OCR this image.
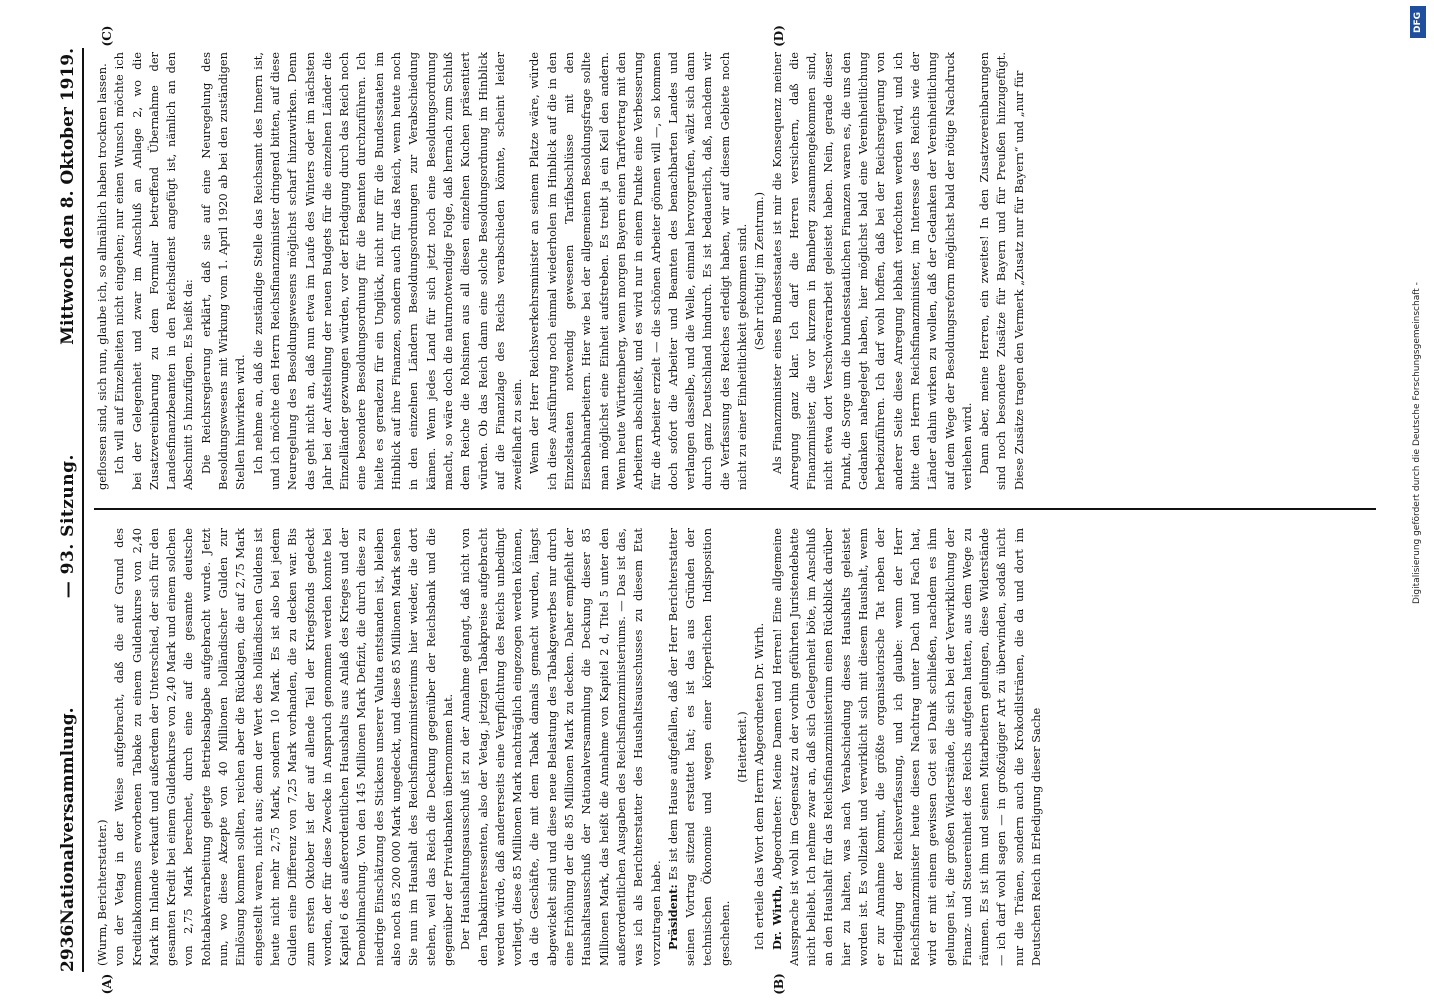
2936
Nationalversammlung.
— 93. Sitzung.
Mittwoch den 8. Oktober 1919.
(A)	(B)
(C)	(D)

(Wurm, Berichterstatter.) von der Vetag in der Weise aufgebracht, daß die auf Grund des Kreditabkommens erworbenen Tabake zu einem Guldenkurse von 2,40 Mark im Inlande verkauft und außerdem der Unterschied, der sich für den gesamten Kredit bei einem Guldenkurse von 2,40 Mark und einem solchen von 2,75 Mark berechnet, durch eine auf die gesamte deutsche Rohtabakverarbeitung gelegte Betriebsabgabe aufgebracht wurde. Jetzt nun, wo diese Akzepte von 40 Millionen holländischer Gulden zur Einlösung kommen sollten, reichen aber die Rücklagen, die auf 2,75 Mark eingestellt waren, nicht aus; denn der Wert des holländischen Guldens ist heute nicht mehr 2,75 Mark, sondern 10 Mark. Es ist also bei jedem Gulden eine Differenz von 7,25 Mark vorhanden, die zu decken war. Bis zum ersten Oktober ist der auf allende Teil der Kriegsfonds gedeckt worden, der für diese Zwecke in Anspruch genommen werden konnte bei Kapitel 6 des außerordentlichen Haushalts aus Anlaß des Krieges und der Demobilmachung. Von den 145 Millionen Mark Defizit, die durch diese zu niedrige Einschätzung des Stickens unserer Valuta entstanden ist, bleiben also noch 85 200 000 Mark ungedeckt, und diese 85 Millionen Mark sehen Sie nun im Haushalt des Reichsfinanzministeriums hier wieder, die dort stehen, weil das Reich die Deckung gegenüber der Reichsbank und die gegenüber der Privatbanken übernommen hat. Der Haushaltungsausschuß ist zu der Annahme gelangt, daß nicht von den Tabakinteressenten, also der Vetag, jetzigen Tabakpreise aufgebracht werden würde, daß andererseits eine Verpflichtung des Reichs unbedingt vorliegt, diese 85 Millionen Mark nachträglich eingezogen werden können, da die Geschäfte, die mit dem Tabak damals gemacht wurden, längst abgewickelt sind und diese neue Belastung des Tabakgewerbes nur durch eine Erhöhung der die 85 Millionen Mark zu decken. Daher empfiehlt der Haushaltsausschuß der Nationalversammlung die Deckung dieser 85 Millionen Mark, das heißt die Annahme von Kapitel 2 d, Titel 5 unter den außerordentlichen Ausgaben des Reichsfinanzministeriums. — Das ist das, was ich als Berichterstatter des Haushaltsausschusses zu diesem Etat vorzutragen habe. Präsident: Es ist dem Hause aufgefallen, daß der Herr Berichterstatter seinen Vortrag sitzend erstattet hat; es ist das aus Gründen der technischen Ökonomie und wegen einer körperlichen Indisposition geschehen.

(Heiterkeit.) Ich erteile das Wort dem Herrn Abgeordneten Dr. Wirth. Dr. Wirth, Abgeordneter: Meine Damen und Herren! Eine allgemeine Aussprache ist wohl im Gegensatz zu der vorhin geführten Juristendebatte nicht beliebt. Ich nehme zwar an, daß sich Gelegenheit böte, im Anschluß an den Haushalt für das Reichsfinanzministerium einen Rückblick darüber hier zu halten, was nach Verabschiedung dieses Haushalts geleistet worden ist. Es vollzieht und verwirklicht sich mit diesem Haushalt, wenn er zur Annahme kommt, die größte organisatorische Tat neben der Erledigung der Reichsverfassung, und ich glaube: wenn der Herr Reichsfinanzminister heute diesen Nachtrag unter Dach und Fach hat, wird er mit einem gewissen Gott sei Dank schließen, nachdem es ihm gelungen ist, die großen Widerstände, die sich bei der Verwirklichung der Finanz- und Steuereinheit des Reichs aufgetan hatten, aus dem Wege zu räumen. Es ist ihm und seinen Mitarbeitern gelungen, diese Widerstände — ich darf wohl sagen — in großzügiger Art zu überwinden, sodaß nicht nur die Tränen, sondern auch die Krokodilstränen, die da und dort im Deutschen Reich in Erledigung dieser Sache

geflossen sind, sich nun, glaube ich, so allmählich haben trocknen lassen. Ich will auf Einzelheiten nicht eingehen; nur einen Wunsch möchte ich bei der Gelegenheit und zwar im Anschluß an Anlage 2, wo die Zusatzvereinbarung zu dem Formular betreffend Übernahme der Landesfinanzbeamten in den Reichsdienst angefügt ist, nämlich an den Abschnitt 5 hinzufügen. Es heißt da: Die Reichsregierung erklärt, daß sie auf eine Neuregelung des Besoldungswesens mit Wirkung vom 1. April 1920 ab bei den zuständigen Stellen hinwirken wird. Ich nehme an, daß die zuständige Stelle das Reichsamt des Innern ist, und ich möchte den Herrn Reichsfinanzminister dringend bitten, auf diese Neuregelung des Besoldungswesens möglichst scharf hinzuwirken. Denn das geht nicht an, daß nun etwa im Laufe des Winters oder im nächsten Jahr bei der Aufstellung der neuen Budgets für die einzelnen Länder die Einzelländer gezwungen würden, vor der Erledigung durch das Reich noch eine besondere Besoldungsordnung für die Beamten durchzuführen. Ich hielte es geradezu für ein Unglück, nicht nur für die Bundesstaaten im Hinblick auf ihre Finanzen, sondern auch für das Reich, wenn heute noch in den einzelnen Ländern Besoldungsordnungen zur Verabschiedung kämen. Wenn jedes Land für sich jetzt noch eine Besoldungsordnung macht, so wäre doch die naturnotwendige Folge, daß hernach zum Schluß dem Reiche die Rohsinen aus all diesen einzelnen Kuchen präsentiert würden. Ob das Reich dann eine solche Besoldungsordnung im Hinblick auf die Finanzlage des Reichs verabschieden könnte, scheint leider zweifelhaft zu sein. Wenn der Herr Reichsverkehrsminister an seinem Platze wäre, würde ich diese Ausführung noch einmal wiederholen im Hinblick auf die in den Einzelstaaten notwendig gewesenen Tarifabschlüsse mit den Eisenbahnarbeitern. Hier wie bei der allgemeinen Besoldungsfrage sollte man möglichst eine Einheit aufstreben. Es treibt ja ein Keil den andern. Wenn heute Württemberg, wenn morgen Bayern einen Tarifvertrag mit den Arbeitern abschließt, und es wird nur in einem Punkte eine Verbesserung für die Arbeiter erzielt — die schönen Arbeiter gönnen will —, so kommen doch sofort die Arbeiter und Beamten des benachbarten Landes und verlangen dasselbe, und die Welle, einmal hervorgerufen, wälzt sich dann durch ganz Deutschland hindurch. Es ist bedauerlich, daß, nachdem wir die Verfassung des Reiches erledigt haben, wir auf diesem Gebiete noch nicht zu einer Einheitlichkeit gekommen sind. (Sehr richtig! im Zentrum.) Als Finanzminister eines Bundesstaates ist mir die Konsequenz meiner Anregung ganz klar. Ich darf die Herren versichern, daß die Finanzminister, die vor kurzem in Bamberg zusammengekommen sind, nicht etwa dort Verschwörerarbeit geleistet haben. Nein, gerade dieser Punkt, die Sorge um die bundesstaatlichen Finanzen waren es, die uns den Gedanken nahegelegt haben, hier möglichst bald eine Vereinheitlichung herbeizuführen. Ich darf wohl hoffen, daß bei der Reichsregierung von anderer Seite diese Anregung lebhaft verfochten werden wird, und ich bitte den Herrn Reichsfinanzminister, im Interesse des Reichs wie der Länder dahin wirken zu wollen, daß der Gedanken der Vereinheitlichung auf dem Wege der Besoldungsreform möglichst bald der nötige Nachdruck verliehen wird. Dann aber, meine Herren, ein zweites! In den Zusatzvereinbarungen sind noch besondere Zusätze für Bayern und für Preußen hinzugefügt. Diese Zusätze tragen den Vermerk „Zusatz nur für Bayern“ und „nur für

DFG
Digitalisierung gefördert durch die Deutsche Forschungsgemeinschaft -
